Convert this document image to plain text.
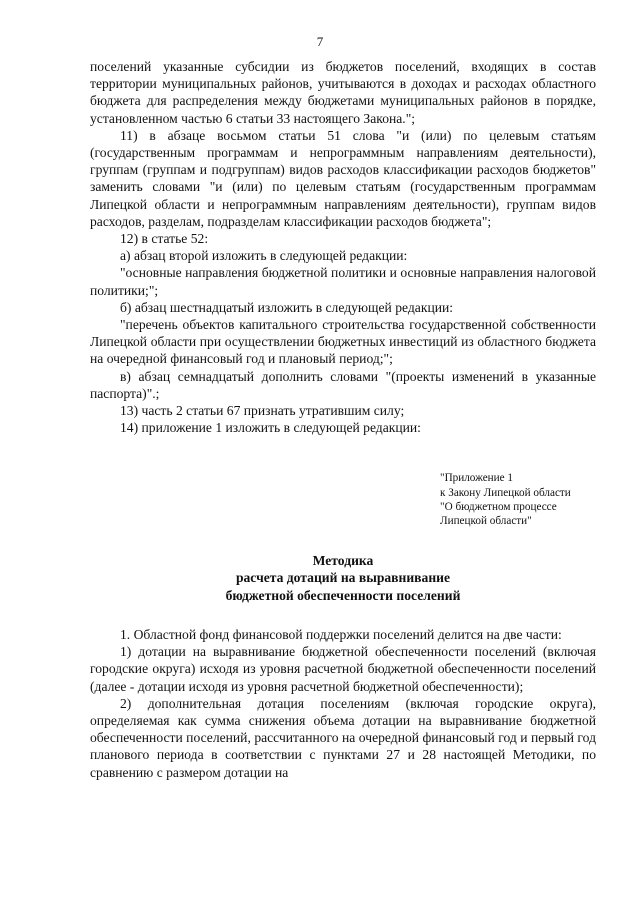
7

поселений указанные субсидии из бюджетов поселений, входящих в состав территории муниципальных районов, учитываются в доходах и расходах областного бюджета для распределения между бюджетами муниципальных районов в порядке, установленном частью 6 статьи 33 настоящего Закона.";

11) в абзаце восьмом статьи 51 слова "и (или) по целевым статьям (государственным программам и непрограммным направлениям деятельности), группам (группам и подгруппам) видов расходов классификации расходов бюджетов" заменить словами "и (или) по целевым статьям (государственным программам Липецкой области и непрограммным направлениям деятельности), группам видов расходов, разделам, подразделам классификации расходов бюджета";

12) в статье 52:

а) абзац второй изложить в следующей редакции:

"основные направления бюджетной политики и основные направления налоговой политики;";

б) абзац шестнадцатый изложить в следующей редакции:

"перечень объектов капитального строительства государственной собственности Липецкой области при осуществлении бюджетных инвестиций из областного бюджета на очередной финансовый год и плановый период;";

в) абзац семнадцатый дополнить словами "(проекты изменений в указанные паспорта)".;

13) часть 2 статьи 67 признать утратившим силу;

14) приложение 1 изложить в следующей редакции:

"Приложение 1
к Закону Липецкой области
"О бюджетном процессе
Липецкой области"
Методика
расчета дотаций на выравнивание
бюджетной обеспеченности поселений

1. Областной фонд финансовой поддержки поселений делится на две части:

1) дотации на выравнивание бюджетной обеспеченности поселений (включая городские округа) исходя из уровня расчетной бюджетной обеспеченности поселений (далее - дотации исходя из уровня расчетной бюджетной обеспеченности);

2) дополнительная дотация поселениям (включая городские округа), определяемая как сумма снижения объема дотации на выравнивание бюджетной обеспеченности поселений, рассчитанного на очередной финансовый год и первый год планового периода в соответствии с пунктами 27 и 28 настоящей Методики, по сравнению с размером дотации на
